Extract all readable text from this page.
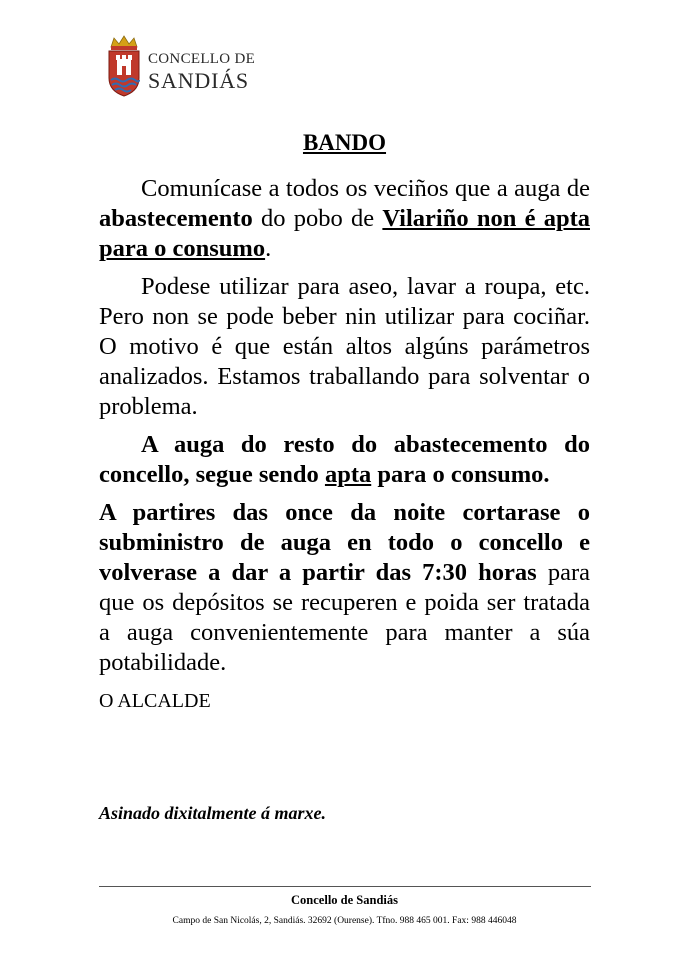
CONCELLO DE
SANDIÁS
BANDO

Comunícase a todos os veciños que a auga de abastecemento do pobo de Vilariño non é apta para o consumo.

Podese utilizar para aseo, lavar a roupa, etc. Pero non se pode beber nin utilizar para cociñar. O motivo é que están altos algúns parámetros analizados. Estamos traballando para solventar o problema.

A auga do resto do abastecemento do concello, segue sendo apta para o consumo.

A partires das once da noite cortarase o subministro de auga en todo o concello e volverase a dar a partir das 7:30 horas para que os depósitos se recuperen e poida ser tratada a auga convenientemente para manter a súa potabilidade.

O ALCALDE
Asinado dixitalmente á marxe.
Concello de Sandiás
Campo de San Nicolás, 2, Sandiás. 32692 (Ourense). Tfno. 988 465 001. Fax: 988 446048
